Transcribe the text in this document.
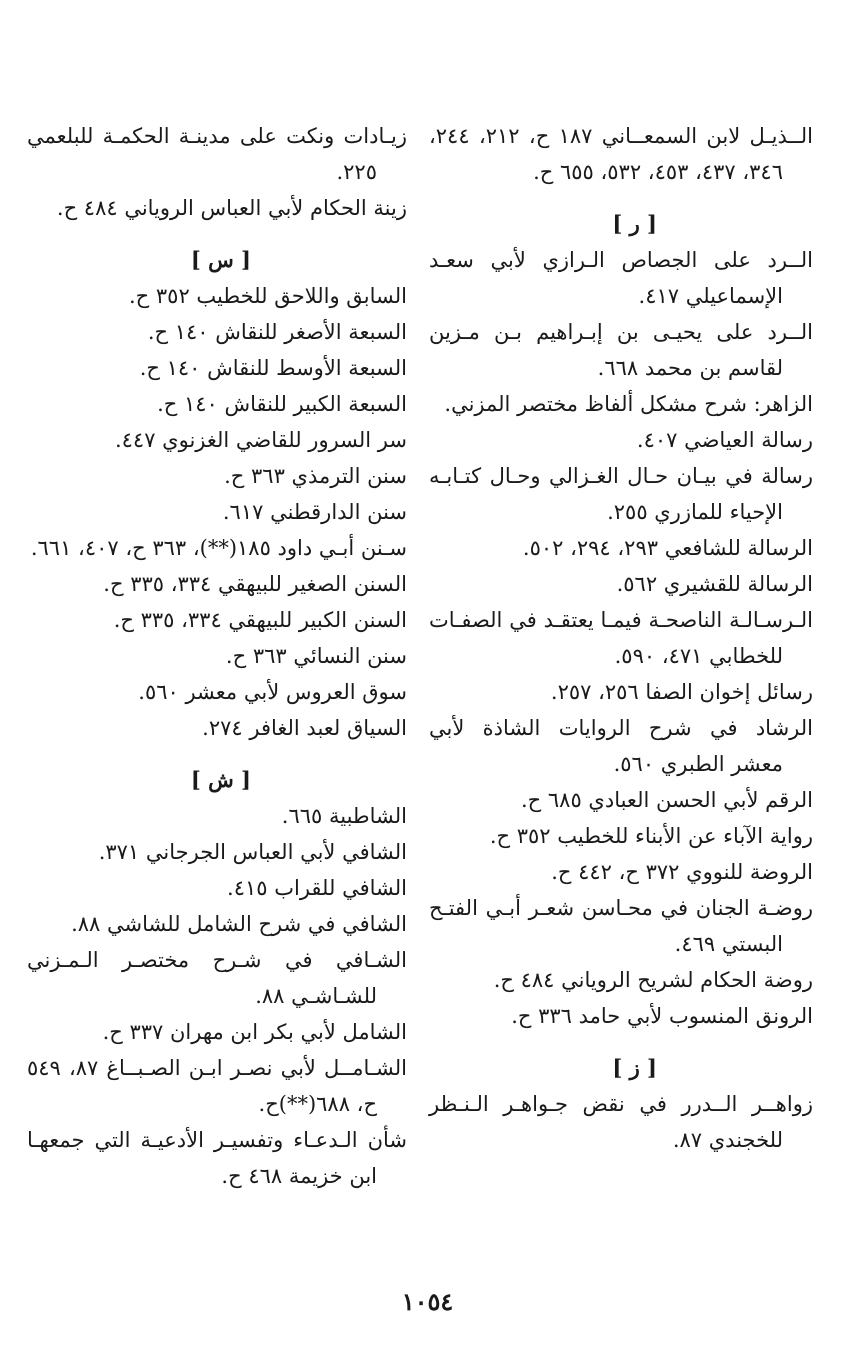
الــذيـل لابن السمعــاني ١٨٧ ح، ٢١٢، ٢٤٤، ٣٤٦، ٤٣٧، ٤٥٣، ٥٣٢، ٦٥٥ ح.

[ ر ]

الــرد على الجصاص الـرازي لأبي سعـد الإسماعيلي ٤١٧.

الــرد على يحيـى بن إبـراهيم بـن مـزين لقاسم بن محمد ٦٦٨.

الزاهر: شرح مشكل ألفاظ مختصر المزني.

رسالة العياضي ٤٠٧.

رسالة في بيـان حـال الغـزالي وحـال كتـابـه الإحياء للمازري ٢٥٥.

الرسالة للشافعي ٢٩٣، ٢٩٤، ٥٠٢.

الرسالة للقشيري ٥٦٢.

الـرسـالـة الناصحـة فيمـا يعتقـد في الصفـات للخطابي ٤٧١، ٥٩٠.

رسائل إخوان الصفا ٢٥٦، ٢٥٧.

الرشاد في شرح الروايات الشاذة لأبي معشر الطبري ٥٦٠.

الرقم لأبي الحسن العبادي ٦٨٥ ح.

رواية الآباء عن الأبناء للخطيب ٣٥٢ ح.

الروضة للنووي ٣٧٢ ح، ٤٤٢ ح.

روضـة الجنان في محـاسن شعـر أبـي الفتـح البستي ٤٦٩.

روضة الحكام لشريح الروياني ٤٨٤ ح.

الرونق المنسوب لأبي حامد ٣٣٦ ح.

[ ز ]

زواهــر الــدرر في نقض جـواهـر الـنـظر للخجندي ٨٧.

زيـادات ونكت على مدينـة الحكمـة للبلعمي ٢٢٥.

زينة الحكام لأبي العباس الروياني ٤٨٤ ح.

[ س ]

السابق واللاحق للخطيب ٣٥٢ ح.

السبعة الأصغر للنقاش ١٤٠ ح.

السبعة الأوسط للنقاش ١٤٠ ح.

السبعة الكبير للنقاش ١٤٠ ح.

سر السرور للقاضي الغزنوي ٤٤٧.

سنن الترمذي ٣٦٣ ح.

سنن الدارقطني ٦١٧.

سـنن أبـي داود ١٨٥(**)، ٣٦٣ ح، ٤٠٧، ٦٦١.

السنن الصغير للبيهقي ٣٣٤، ٣٣٥ ح.

السنن الكبير للبيهقي ٣٣٤، ٣٣٥ ح.

سنن النسائي ٣٦٣ ح.

سوق العروس لأبي معشر ٥٦٠.

السياق لعبد الغافر ٢٧٤.

[ ش ]

الشاطبية ٦٦٥.

الشافي لأبي العباس الجرجاني ٣٧١.

الشافي للقراب ٤١٥.

الشافي في شرح الشامل للشاشي ٨٨.

الشـافي في شـرح مختصـر الـمـزني للشـاشـي ٨٨.

الشامل لأبي بكر ابن مهران ٣٣٧ ح.

الشـامــل لأبي نصـر ابـن الصـبــاغ ٨٧، ٥٤٩ ح، ٦٨٨(**)ح.

شأن الـدعـاء وتفسيـر الأدعيـة التي جمعهـا ابن خزيمة ٤٦٨ ح.

١٠٥٤
